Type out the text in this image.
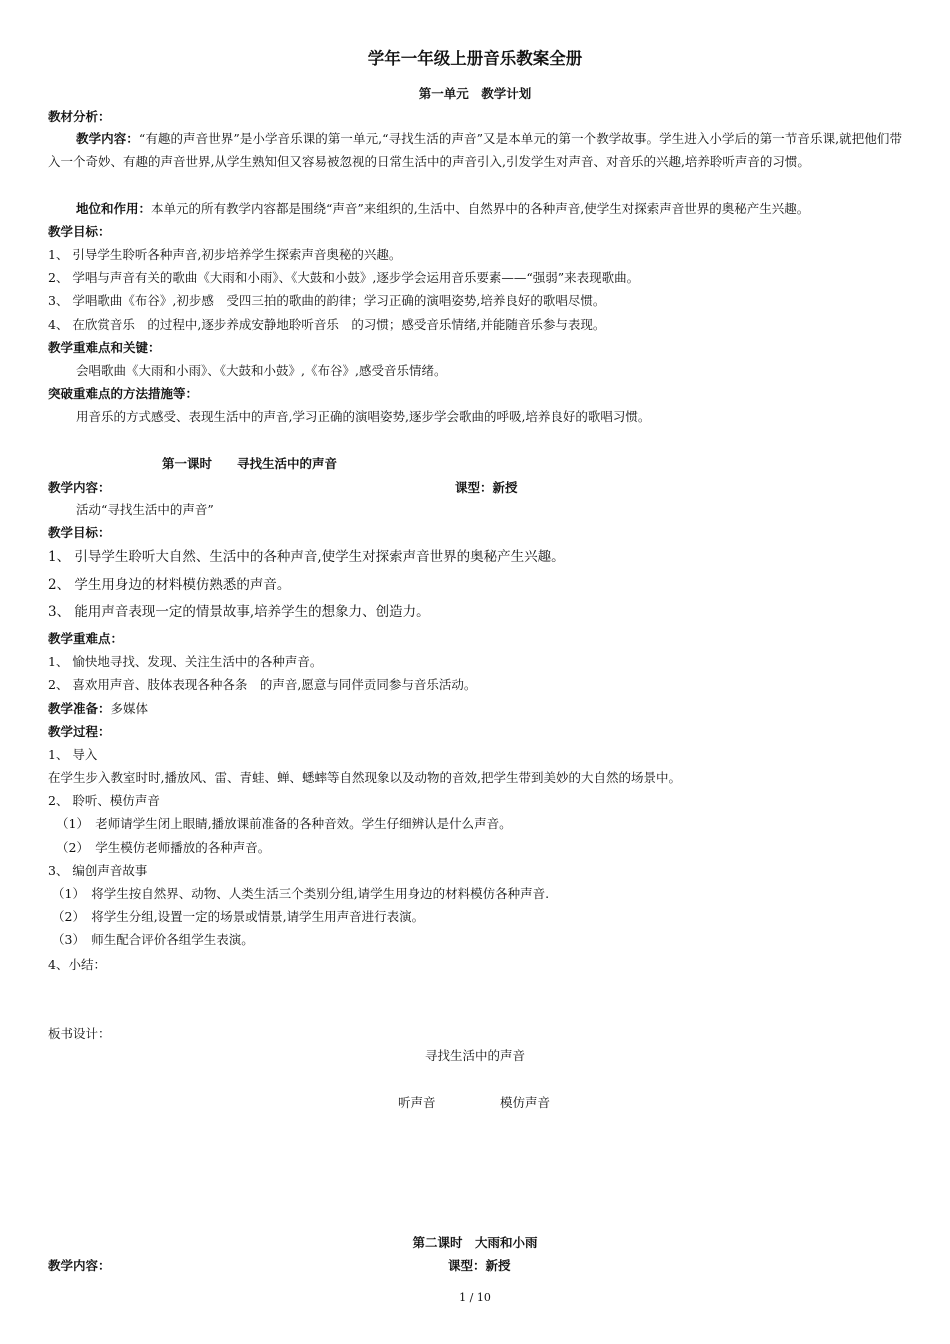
学年一年级上册音乐教案全册
第一单元　教学计划
教材分析：
教学内容：“有趣的声音世界”是小学音乐课的第一单元,“寻找生活的声音”又是本单元的第一个教学故事。学生进入小学后的第一节音乐课,就把他们带入一个奇妙、有趣的声音世界,从学生熟知但又容易被忽视的日常生活中的声音引入,引发学生对声音、对音乐的兴趣,培养聆听声音的习惯。
地位和作用：本单元的所有教学内容都是围绕“声音”来组织的,生活中、自然界中的各种声音,使学生对探索声音世界的奥秘产生兴趣。
教学目标：
1、 引导学生聆听各种声音,初步培养学生探索声音奥秘的兴趣。
2、 学唱与声音有关的歌曲《大雨和小雨》、《大鼓和小鼓》,逐步学会运用音乐要素——“强弱”来表现歌曲。
3、 学唱歌曲《布谷》,初步感　受四三拍的歌曲的韵律；学习正确的演唱姿势,培养良好的歌唱尽惯。
4、 在欣赏音乐　的过程中,逐步养成安静地聆听音乐　的习惯；感受音乐情绪,并能随音乐参与表现。
教学重难点和关键：
会唱歌曲《大雨和小雨》、《大鼓和小鼓》,《布谷》,感受音乐情绪。
突破重难点的方法措施等：
用音乐的方式感受、表现生活中的声音,学习正确的演唱姿势,逐步学会歌曲的呼吸,培养良好的歌唱习惯。
第一课时　　寻找生活中的声音
教学内容：	课型：新授
活动“寻找生活中的声音”
教学目标：
1、 引导学生聆听大自然、生活中的各种声音,使学生对探索声音世界的奥秘产生兴趣。
2、 学生用身边的材料模仿熟悉的声音。
3、 能用声音表现一定的情景故事,培养学生的想象力、创造力。
教学重难点：
1、 愉快地寻找、发现、关注生活中的各种声音。
2、 喜欢用声音、肢体表现各种各条　的声音,愿意与同伴贡同参与音乐活动。
教学准备：多媒体
教学过程：
1、 导入
在学生步入教室时时,播放风、雷、青蛙、蝉、蟋蟀等自然现象以及动物的音效,把学生带到美妙的大自然的场景中。
2、 聆听、模仿声音
（1）　老师请学生闭上眼睛,播放课前准备的各种音效。学生仔细辨认是什么声音。
（2）　学生模仿老师播放的各种声音。
3、 编创声音故事
（1）　将学生按自然界、动物、人类生活三个类别分组,请学生用身边的材料模仿各种声音.
（2）　将学生分组,设置一定的场景或情景,请学生用声音进行表演。
（3）　师生配合评价各组学生表演。
4、小结：
板书设计：
寻找生活中的声音
听声音	模仿声音
第二课时　大雨和小雨
教学内容：	课型：新授
1 / 10
